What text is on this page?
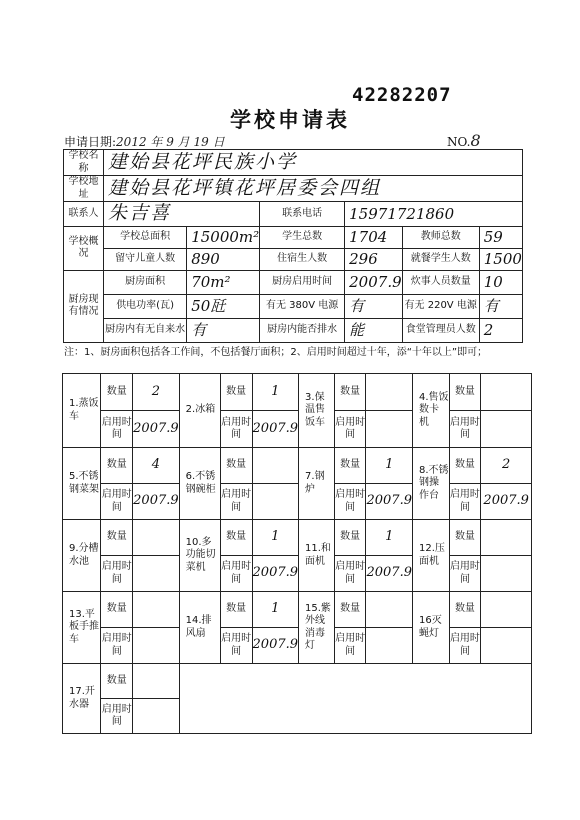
42282207
学校申请表
申请日期:2012 年 9 月 19 日	NO.8
学校名称	建始县花坪民族小学					
学校地址	建始县花坪镇花坪居委会四组					
联系人	朱吉喜		联系电话	15971721860		
学校概况	学校总面积	15000m²	学生总数	1704	教师总数	59
	留守儿童人数	890	住宿生人数	296	就餐学生人数	1500
厨房现有情况	厨房面积	70m²	厨房启用时间	2007.9	炊事人员数量	10
	供电功率(瓦)	50瓩	有无 380V 电源	有	有无 220V 电源	有
	厨房内有无自来水	有	厨房内能否排水	能	食堂管理员人数	2
注：1、厨房面积包括各工作间，不包括餐厅面积；2、启用时间超过十年，添“十年以上”即可；
1.蒸饭车	数量	2	2.冰箱	数量	1	3.保温售饭车	数量		4.售饭数卡机	数量	
	启用时间	2007.9		启用时间	2007.9		启用时间			启用时间	
5.不锈钢菜架	数量	4	6.不锈钢碗柜	数量		7.钢炉	数量	1	8.不锈钢操作台	数量	2
	启用时间	2007.9		启用时间			启用时间	2007.9		启用时间	2007.9
9.分槽水池	数量		10.多功能切菜机	数量	1	11.和面机	数量	1	12.压面机	数量	
	启用时间			启用时间	2007.9		启用时间	2007.9		启用时间	
13.平板手推车	数量		14.排风扇	数量	1	15.紫外线消毒灯	数量		16灭蝇灯	数量	
	启用时间			启用时间	2007.9		启用时间			启用时间	
17.开水器	数量										
	启用时间										
